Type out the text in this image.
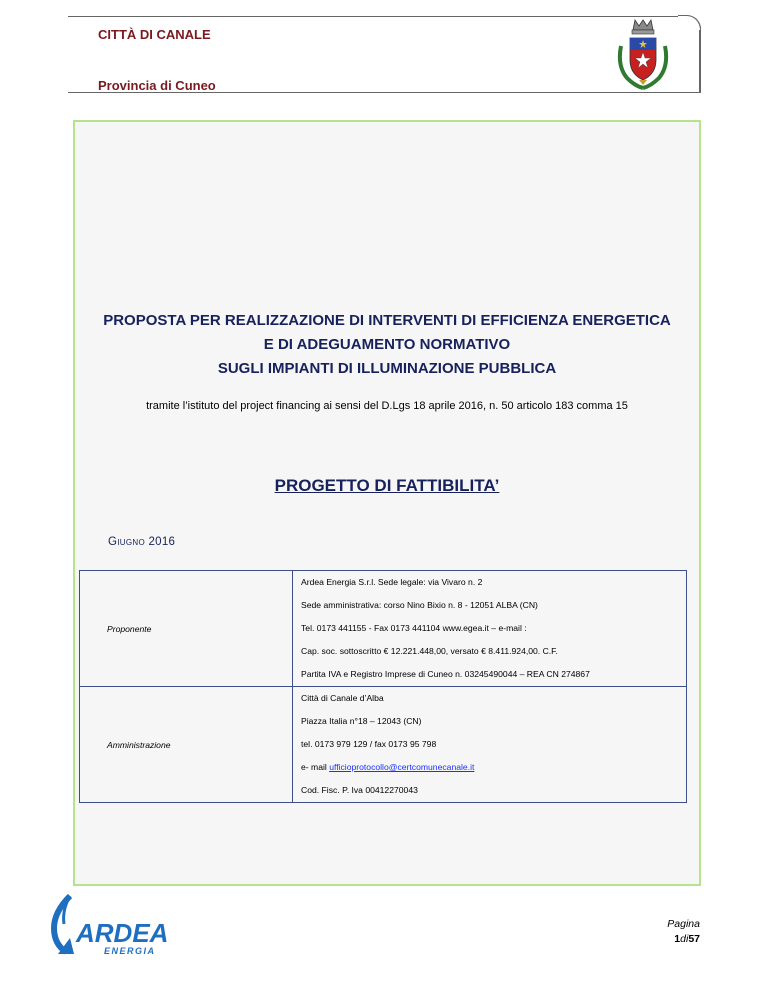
CITTÀ DI CANALE
Provincia di Cuneo
PROPOSTA PER REALIZZAZIONE DI INTERVENTI DI EFFICIENZA ENERGETICA
E DI ADEGUAMENTO NORMATIVO
SUGLI IMPIANTI DI ILLUMINAZIONE PUBBLICA
tramite l’istituto del project financing ai sensi del D.Lgs 18 aprile 2016, n. 50 articolo 183 comma 15
PROGETTO DI FATTIBILITA’
Giugno 2016
Proponente	Ardea Energia S.r.l. Sede legale: via Vivaro n. 2
Sede amministrativa: corso Nino Bixio n. 8 - 12051 ALBA (CN)
Tel. 0173 441155 - Fax 0173 441104 www.egea.it – e-mail :
Cap. soc. sottoscritto € 12.221.448,00, versato € 8.411.924,00. C.F.
Partita IVA e Registro Imprese di Cuneo n. 03245490044 – REA CN 274867

Amministrazione	Città di Canale d’Alba
Piazza Italia n°18 – 12043 (CN)
tel. 0173 979 129 / fax 0173 95 798
e- mail ufficioprotocollo@certcomunecanale.it
Cod. Fisc. P. Iva 00412270043
ARDEA
ENERGIA
Pagina
1di57
